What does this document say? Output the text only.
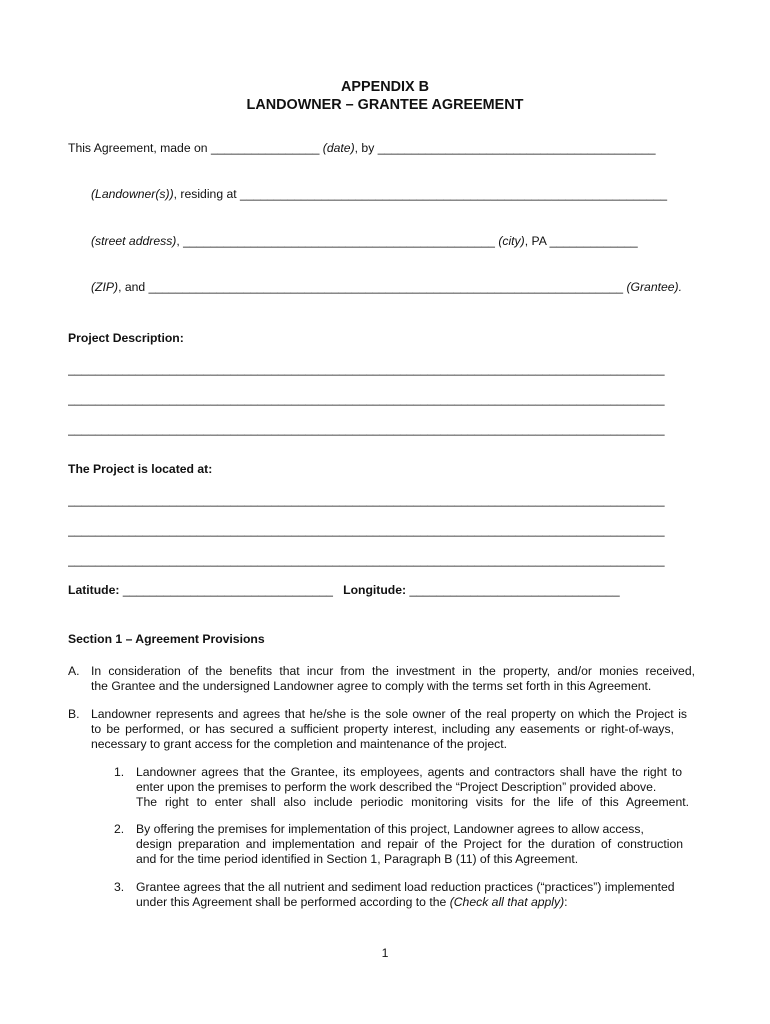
APPENDIX B
LANDOWNER – GRANTEE AGREEMENT
This Agreement, made on ________________ (date), by _________________________________________
(Landowner(s)), residing at _______________________________________________________________
(street address), ______________________________________________ (city), PA _____________
(ZIP), and ______________________________________________________________________ (Grantee).
Project Description:
________________________________________________________________________________________
________________________________________________________________________________________
________________________________________________________________________________________
The Project is located at:
________________________________________________________________________________________
________________________________________________________________________________________
________________________________________________________________________________________
Latitude: _______________________________ Longitude: _______________________________
Section 1 – Agreement Provisions
A. In consideration of the benefits that incur from the investment in the property, and/or monies received,
the Grantee and the undersigned Landowner agree to comply with the terms set forth in this Agreement.
B. Landowner represents and agrees that he/she is the sole owner of the real property on which the Project is
to be performed, or has secured a sufficient property interest, including any easements or right-of-ways,
necessary to grant access for the completion and maintenance of the project.
1. Landowner agrees that the Grantee, its employees, agents and contractors shall have the right to
enter upon the premises to perform the work described the “Project Description” provided above.
The right to enter shall also include periodic monitoring visits for the life of this Agreement.
2. By offering the premises for implementation of this project, Landowner agrees to allow access,
design preparation and implementation and repair of the Project for the duration of construction
and for the time period identified in Section 1, Paragraph B (11) of this Agreement.
3. Grantee agrees that the all nutrient and sediment load reduction practices (“practices”) implemented
under this Agreement shall be performed according to the (Check all that apply):
1
